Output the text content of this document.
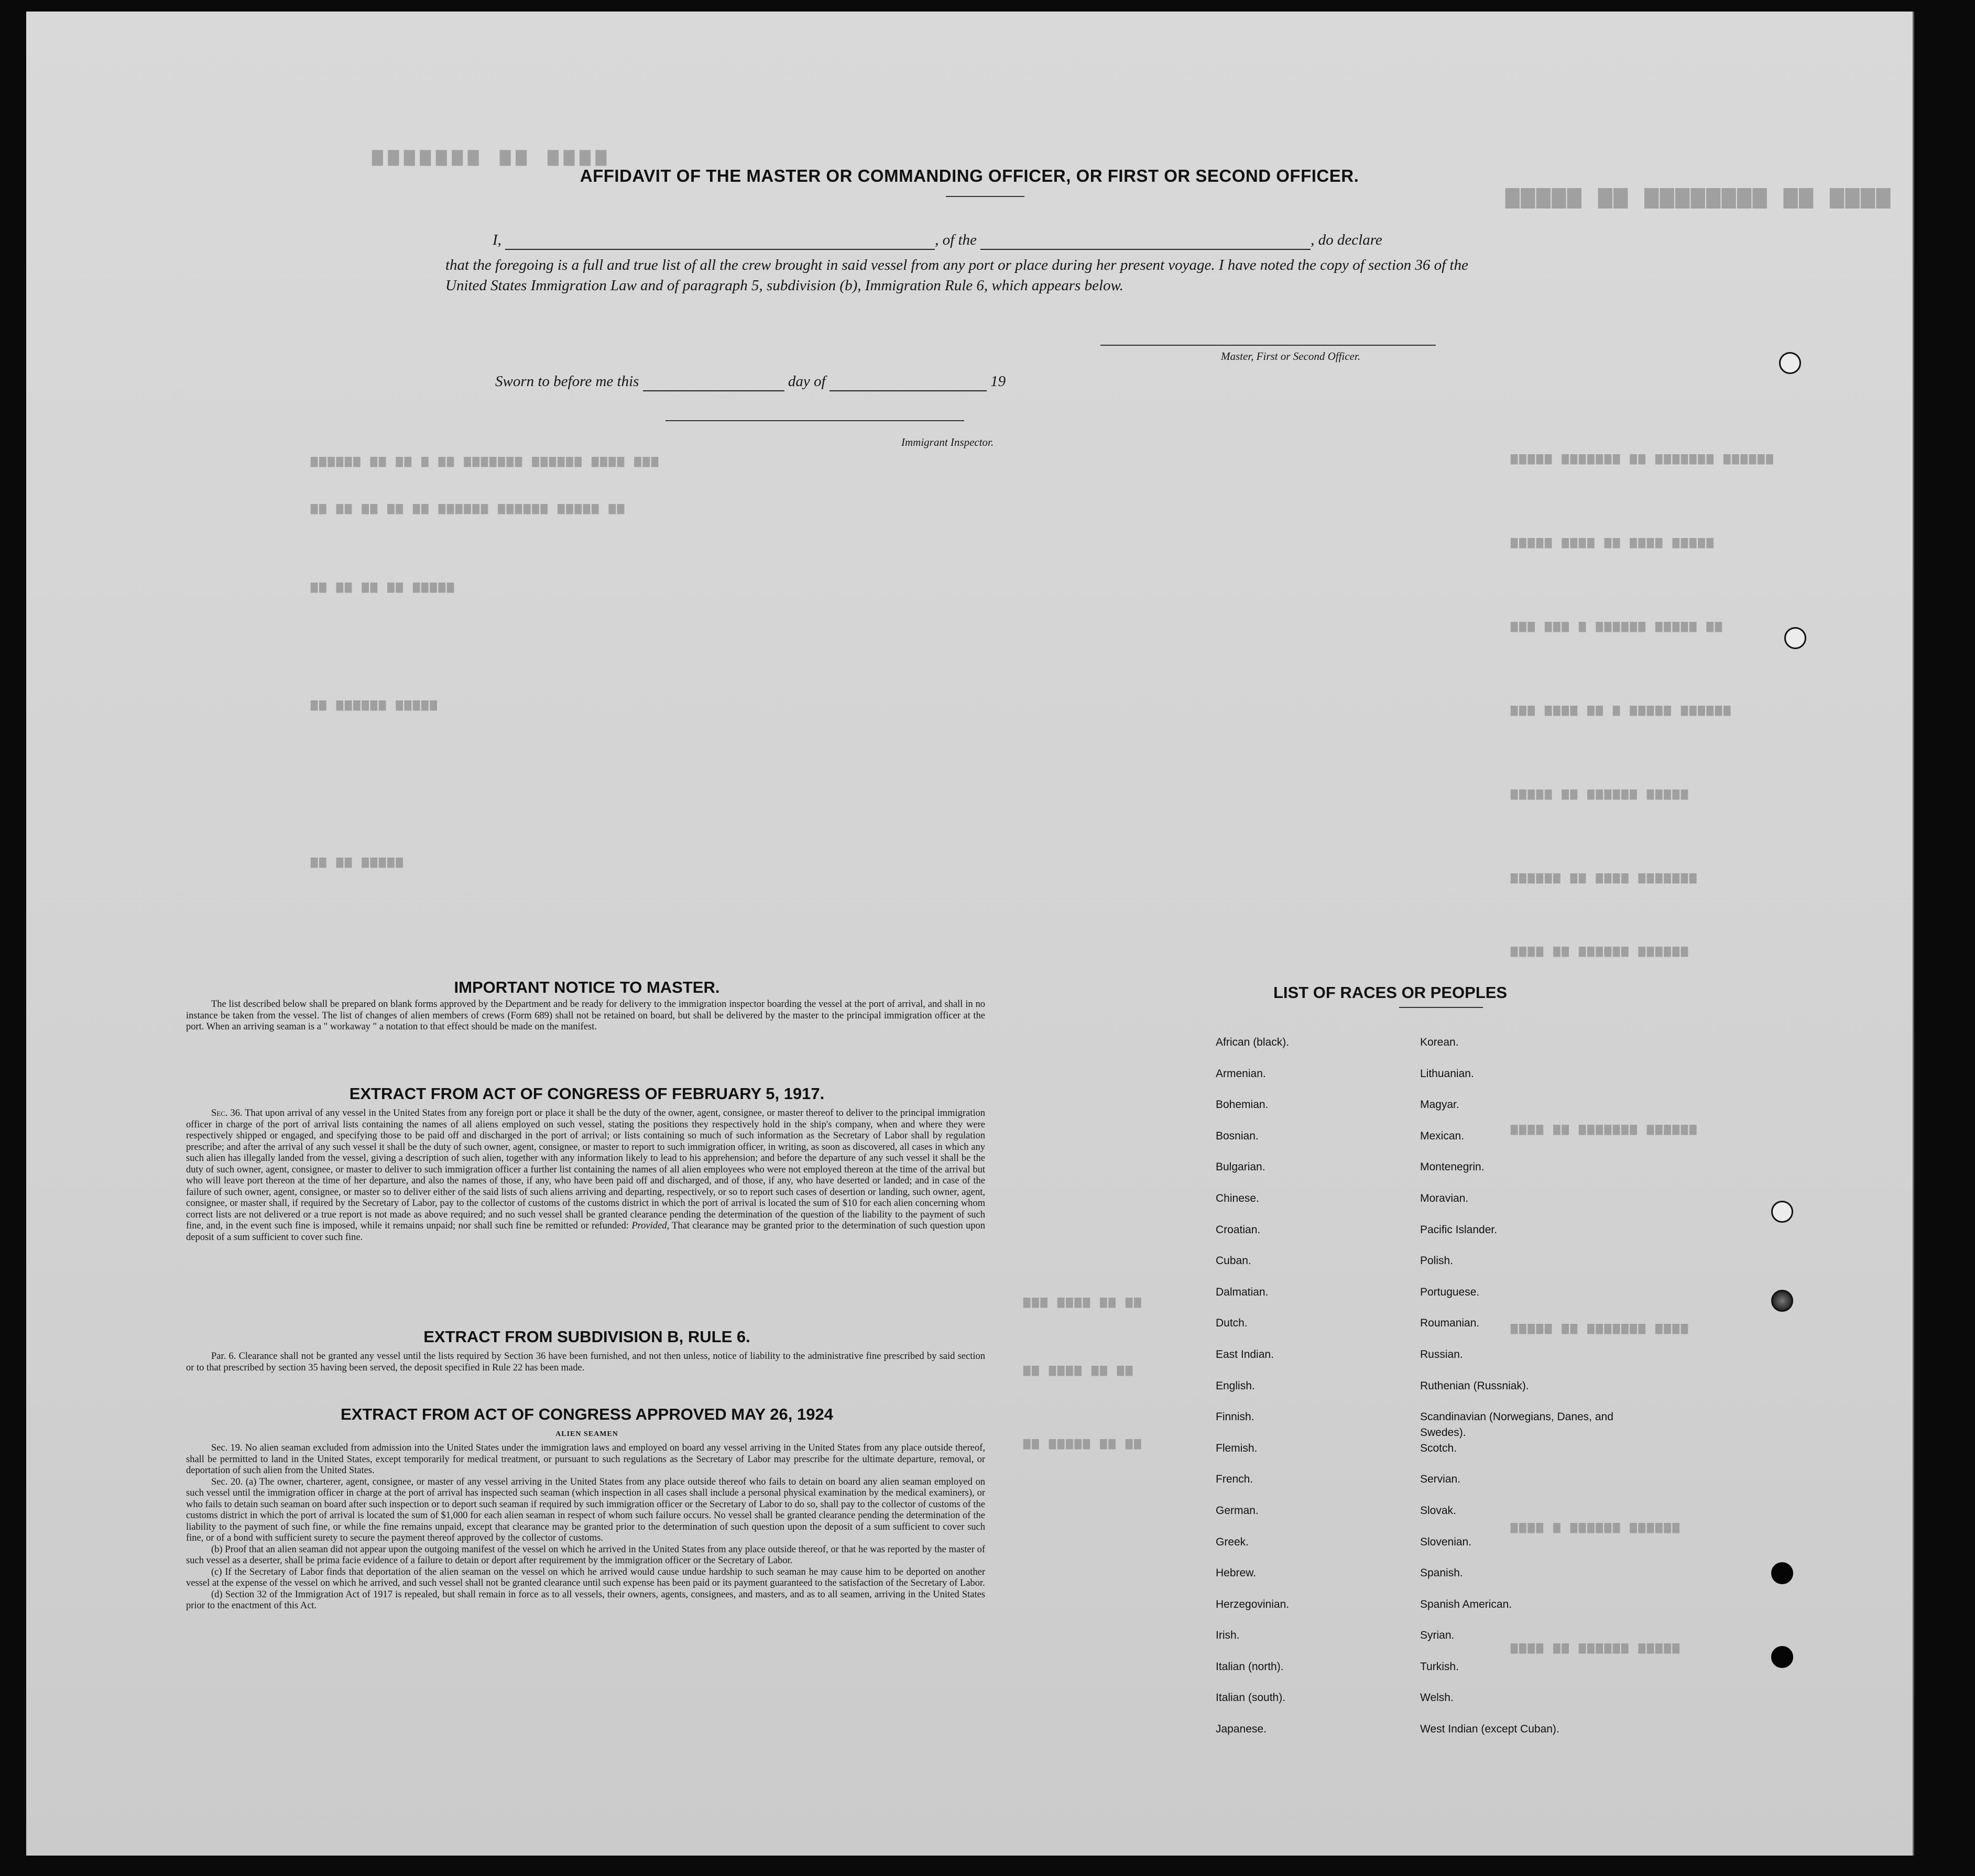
▆▆▆▆ ▆▆ ▆▆▆▆▆▆▆▆ ▆▆ ▆▆▆▆▆
▆▆▆▆ ▆▆ ▆▆▆▆▆▆▆
▆▆▆▆▆▆ ▆▆▆▆▆▆▆ ▆▆ ▆▆▆▆▆▆▆ ▆▆▆▆▆
▆▆▆▆▆ ▆▆▆▆ ▆▆ ▆▆▆▆ ▆▆▆▆▆
▆▆ ▆▆▆▆▆ ▆▆▆▆▆▆ ▆ ▆▆▆ ▆▆▆
▆▆▆▆▆▆ ▆▆▆▆▆ ▆ ▆▆ ▆▆▆▆ ▆▆▆
▆▆▆▆▆ ▆▆▆▆▆▆ ▆▆ ▆▆▆▆▆
▆▆▆▆▆▆▆ ▆▆▆▆ ▆▆ ▆▆▆▆▆▆
▆▆▆▆▆▆ ▆▆▆▆▆▆ ▆▆ ▆▆▆▆
▆▆▆▆▆▆ ▆▆▆▆▆▆▆ ▆▆ ▆▆▆▆
▆▆▆▆ ▆▆▆▆▆▆▆ ▆▆ ▆▆▆▆▆
▆▆▆▆▆▆ ▆▆▆▆▆▆ ▆ ▆▆▆▆
▆▆▆▆▆ ▆▆▆▆▆▆ ▆▆ ▆▆▆▆
▆▆▆ ▆▆▆▆ ▆▆▆▆▆▆ ▆▆▆▆▆▆▆ ▆▆ ▆ ▆▆ ▆▆ ▆▆▆▆▆▆
▆▆ ▆▆▆▆▆ ▆▆▆▆▆▆ ▆▆▆▆▆▆ ▆▆ ▆▆ ▆▆ ▆▆ ▆▆
▆▆▆▆▆ ▆▆ ▆▆ ▆▆ ▆▆
▆▆▆▆▆ ▆▆▆▆▆▆ ▆▆
▆▆▆▆▆ ▆▆ ▆▆
▆▆ ▆▆ ▆▆▆▆ ▆▆▆
▆▆ ▆▆ ▆▆▆▆ ▆▆
▆▆ ▆▆ ▆▆▆▆▆ ▆▆
AFFIDAVIT OF THE MASTER OR COMMANDING OFFICER, OR FIRST OR SECOND OFFICER.
I,	, of the	, do declare
that the foregoing is a full and true list of all the crew brought in said vessel from any port or place during her present voyage. I have noted the copy of section 36 of the United States Immigration Law and of paragraph 5, subdivision (b), Immigration Rule 6, which appears below.
Master, First or Second Officer.
Sworn to before me this	day of	19
Immigrant Inspector.
IMPORTANT NOTICE TO MASTER.

The list described below shall be prepared on blank forms approved by the Department and be ready for delivery to the immigration inspector boarding the vessel at the port of arrival, and shall in no instance be taken from the vessel. The list of changes of alien members of crews (Form 689) shall not be retained on board, but shall be delivered by the master to the principal immigration officer at the port. When an arriving seaman is a " workaway " a notation to that effect should be made on the manifest.

EXTRACT FROM ACT OF CONGRESS OF FEBRUARY 5, 1917.

Sec. 36. That upon arrival of any vessel in the United States from any foreign port or place it shall be the duty of the owner, agent, consignee, or master thereof to deliver to the principal immigration officer in charge of the port of arrival lists containing the names of all aliens employed on such vessel, stating the positions they respectively hold in the ship's company, when and where they were respectively shipped or engaged, and specifying those to be paid off and discharged in the port of arrival; or lists containing so much of such information as the Secretary of Labor shall by regulation prescribe; and after the arrival of any such vessel it shall be the duty of such owner, agent, consignee, or master to report to such immigration officer, in writing, as soon as discovered, all cases in which any such alien has illegally landed from the vessel, giving a description of such alien, together with any information likely to lead to his apprehension; and before the departure of any such vessel it shall be the duty of such owner, agent, consignee, or master to deliver to such immigration officer a further list containing the names of all alien employees who were not employed thereon at the time of the arrival but who will leave port thereon at the time of her departure, and also the names of those, if any, who have been paid off and discharged, and of those, if any, who have deserted or landed; and in case of the failure of such owner, agent, consignee, or master so to deliver either of the said lists of such aliens arriving and departing, respectively, or so to report such cases of desertion or landing, such owner, agent, consignee, or master shall, if required by the Secretary of Labor, pay to the collector of customs of the customs district in which the port of arrival is located the sum of $10 for each alien concerning whom correct lists are not delivered or a true report is not made as above required; and no such vessel shall be granted clearance pending the determination of the question of the liability to the payment of such fine, and, in the event such fine is imposed, while it remains unpaid; nor shall such fine be remitted or refunded: Provided, That clearance may be granted prior to the determination of such question upon deposit of a sum sufficient to cover such fine.

EXTRACT FROM SUBDIVISION B, RULE 6.

Par. 6. Clearance shall not be granted any vessel until the lists required by Section 36 have been furnished, and not then unless, notice of liability to the administrative fine prescribed by said section or to that prescribed by section 35 having been served, the deposit specified in Rule 22 has been made.

EXTRACT FROM ACT OF CONGRESS APPROVED MAY 26, 1924
ALIEN SEAMEN

Sec. 19. No alien seaman excluded from admission into the United States under the immigration laws and employed on board any vessel arriving in the United States from any place outside thereof, shall be permitted to land in the United States, except temporarily for medical treatment, or pursuant to such regulations as the Secretary of Labor may prescribe for the ultimate departure, removal, or deportation of such alien from the United States.

Sec. 20. (a) The owner, charterer, agent, consignee, or master of any vessel arriving in the United States from any place outside thereof who fails to detain on board any alien seaman employed on such vessel until the immigration officer in charge at the port of arrival has inspected such seaman (which inspection in all cases shall include a personal physical examination by the medical examiners), or who fails to detain such seaman on board after such inspection or to deport such seaman if required by such immigration officer or the Secretary of Labor to do so, shall pay to the collector of customs of the customs district in which the port of arrival is located the sum of $1,000 for each alien seaman in respect of whom such failure occurs. No vessel shall be granted clearance pending the determination of the liability to the payment of such fine, or while the fine remains unpaid, except that clearance may be granted prior to the determination of such question upon the deposit of a sum sufficient to cover such fine, or of a bond with sufficient surety to secure the payment thereof approved by the collector of customs.

(b) Proof that an alien seaman did not appear upon the outgoing manifest of the vessel on which he arrived in the United States from any place outside thereof, or that he was reported by the master of such vessel as a deserter, shall be prima facie evidence of a failure to detain or deport after requirement by the immigration officer or the Secretary of Labor.

(c) If the Secretary of Labor finds that deportation of the alien seaman on the vessel on which he arrived would cause undue hardship to such seaman he may cause him to be deported on another vessel at the expense of the vessel on which he arrived, and such vessel shall not be granted clearance until such expense has been paid or its payment guaranteed to the satisfaction of the Secretary of Labor.

(d) Section 32 of the Immigration Act of 1917 is repealed, but shall remain in force as to all vessels, their owners, agents, consignees, and masters, and as to all seamen, arriving in the United States prior to the enactment of this Act.

LIST OF RACES OR PEOPLES
African (black).
Armenian.
Bohemian.
Bosnian.
Bulgarian.
Chinese.
Croatian.
Cuban.
Dalmatian.
Dutch.
East Indian.
English.
Finnish.
Flemish.
French.
German.
Greek.
Hebrew.
Herzegovinian.
Irish.
Italian (north).
Italian (south).
Japanese.
Korean.
Lithuanian.
Magyar.
Mexican.
Montenegrin.
Moravian.
Pacific Islander.
Polish.
Portuguese.
Roumanian.
Russian.
Ruthenian (Russniak).
Scandinavian (Norwegians, Danes, and Swedes).
Scotch.
Servian.
Slovak.
Slovenian.
Spanish.
Spanish American.
Syrian.
Turkish.
Welsh.
West Indian (except Cuban).
